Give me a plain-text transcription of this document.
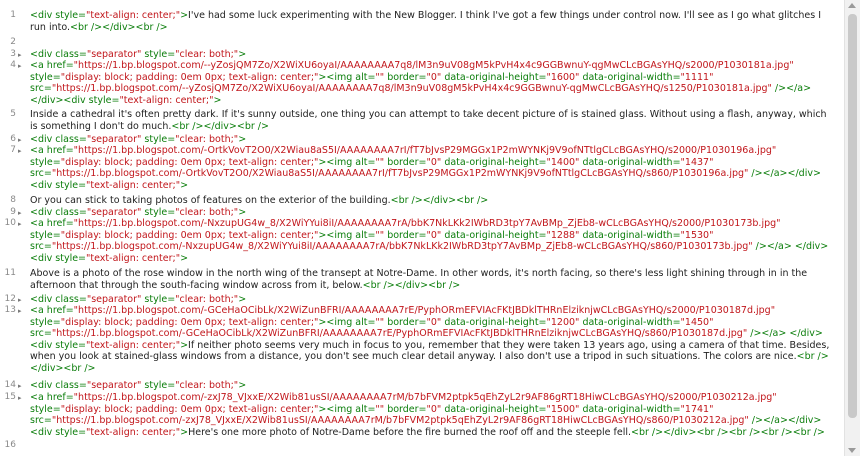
1 <div style="text-align: center;">I've had some luck experimenting with the New Blogger. I think I've got a few things under control now. I'll see as I go what glitches I run into.<br /></div><br />
2
3 ▸ <div class="separator" style="clear: both;">
4 ▸ <a href="https://1.bp.blogspot.com/--yZosjQM7Zo/X2WiXU6oyaI/AAAAAAAA7q8/lM3n9uV08gM5kPvH4x4c9GGBwnuY-qgMwCLcBGAsYHQ/s2000/P1030181a.jpg" style="display: block; padding: 0em 0px; text-align: center;"><img alt="" border="0" data-original-height="1600" data-original-width="1111" src="https://1.bp.blogspot.com/--yZosjQM7Zo/X2WiXU6oyaI/AAAAAAAA7q8/lM3n9uV08gM5kPvH4x4c9GGBwnuY-qgMwCLcBGAsYHQ/s1250/P1030181a.jpg" /></a> </div><div style="text-align: center;">
5 Inside a cathedral it's often pretty dark. If it's sunny outside, one thing you can attempt to take decent picture of is stained glass. Without using a flash, anyway, which is something I don't do much.<br /></div><br />
6 ▸ <div class="separator" style="clear: both;">
7 ▸ <a href="https://1.bp.blogspot.com/-OrtkVovT2O0/X2Wiau8aS5I/AAAAAAAA7rI/fT7bJvsP29MGGx1P2mWYNKj9V9ofNTtlgCLcBGAsYHQ/s2000/P1030196a.jpg" style="display: block; padding: 0em 0px; text-align: center;"><img alt="" border="0" data-original-height="1400" data-original-width="1437" src="https://1.bp.blogspot.com/-OrtkVovT2O0/X2Wiau8aS5I/AAAAAAAA7rI/fT7bJvsP29MGGx1P2mWYNKj9V9ofNTtlgCLcBGAsYHQ/s860/P1030196a.jpg" /></a></div><div style="text-align: center;">
8 Or you can stick to taking photos of features on the exterior of the building.<br /></div><br />
9 ▸ <div class="separator" style="clear: both;">
10 ▸ <a href="https://1.bp.blogspot.com/-NxzupUG4w_8/X2WiYYui8iI/AAAAAAAA7rA/bbK7NkLKk2IWbRD3tpY7AvBMp_ZjEb8-wCLcBGAsYHQ/s2000/P1030173b.jpg" style="display: block; padding: 0em 0px; text-align: center;"><img alt="" border="0" data-original-height="1288" data-original-width="1530" src="https://1.bp.blogspot.com/-NxzupUG4w_8/X2WiYYui8iI/AAAAAAAA7rA/bbK7NkLKk2IWbRD3tpY7AvBMp_ZjEb8-wCLcBGAsYHQ/s860/P1030173b.jpg" /></a> </div><div style="text-align: center;">
11 Above is a photo of the rose window in the north wing of the transept at Notre-Dame. In other words, it's north facing, so there's less light shining through in in the afternoon that through the south-facing window across from it, below.<br /></div><br />
12 ▸ <div class="separator" style="clear: both;">
13 ▸ <a href="https://1.bp.blogspot.com/-GCeHaOCibLk/X2WiZunBFRI/AAAAAAAA7rE/PyphORmEFVIAcFKtJBDklTHRnElziknjwCLcBGAsYHQ/s2000/P1030187d.jpg" style="display: block; padding: 0em 0px; text-align: center;"><img alt="" border="0" data-original-height="1200" data-original-width="1450" src="https://1.bp.blogspot.com/-GCeHaOCibLk/X2WiZunBFRI/AAAAAAAA7rE/PyphORmEFVIAcFKtJBDklTHRnElziknjwCLcBGAsYHQ/s860/P1030187d.jpg" /></a> </div><div style="text-align: center;">If neither photo seems very much in focus to you, remember that they were taken 13 years ago, using a camera of that time. Besides, when you look at stained-glass windows from a distance, you don't see much clear detail anyway. I also don't use a tripod in such situations. The colors are nice.<br /></div><br />
14 ▸ <div class="separator" style="clear: both;">
15 ▸ <a href="https://1.bp.blogspot.com/-zxJ78_VJxxE/X2Wib81usSI/AAAAAAAA7rM/b7bFVM2ptpk5qEhZyL2r9AF86gRT18HiwCLcBGAsYHQ/s2000/P1030212a.jpg" style="display: block; padding: 0em 0px; text-align: center;"><img alt="" border="0" data-original-height="1500" data-original-width="1741" src="https://1.bp.blogspot.com/-zxJ78_VJxxE/X2Wib81usSI/AAAAAAAA7rM/b7bFVM2ptpk5qEhZyL2r9AF86gRT18HiwCLcBGAsYHQ/s860/P1030212a.jpg" /></a></div><div style="text-align: center;">Here's one more photo of Notre-Dame before the fire burned the roof off and the steeple fell.<br /></div><br /><br /><br /><br />
16
